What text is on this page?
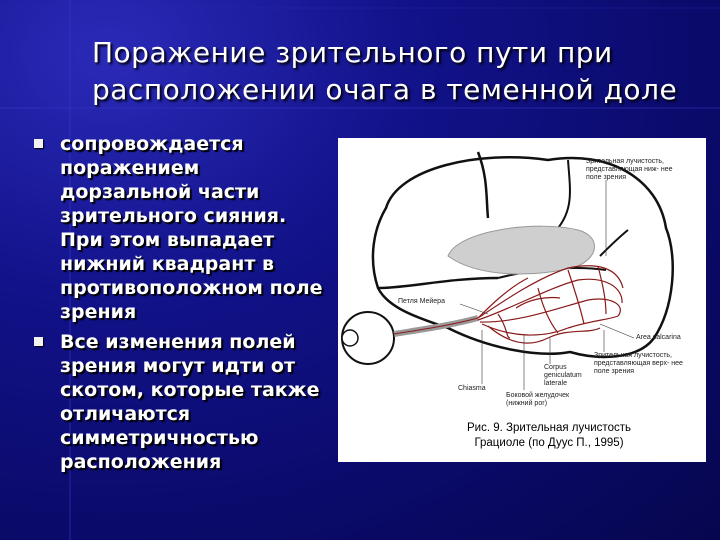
Поражение зрительного пути при расположении очага в теменной доле
сопровождается поражением дорзальной части зрительного сияния. При этом выпадает нижний квадрант в противоположном поле зрения
Все изменения полей зрения могут идти от скотом, которые также отличаются симметричностью расположения
Зрительная лучистость, представляющая ниж- нее поле зрения
Петля Мейера
Area calcarina
Зрительная лучистость, представляющая верх- нее поле зрения
Corpus geniculatum laterale
Chiasma
Боковой желудочек (нижний рог)
Рис. 9. Зрительная лучистость
Грациоле (по Дуус П., 1995)
